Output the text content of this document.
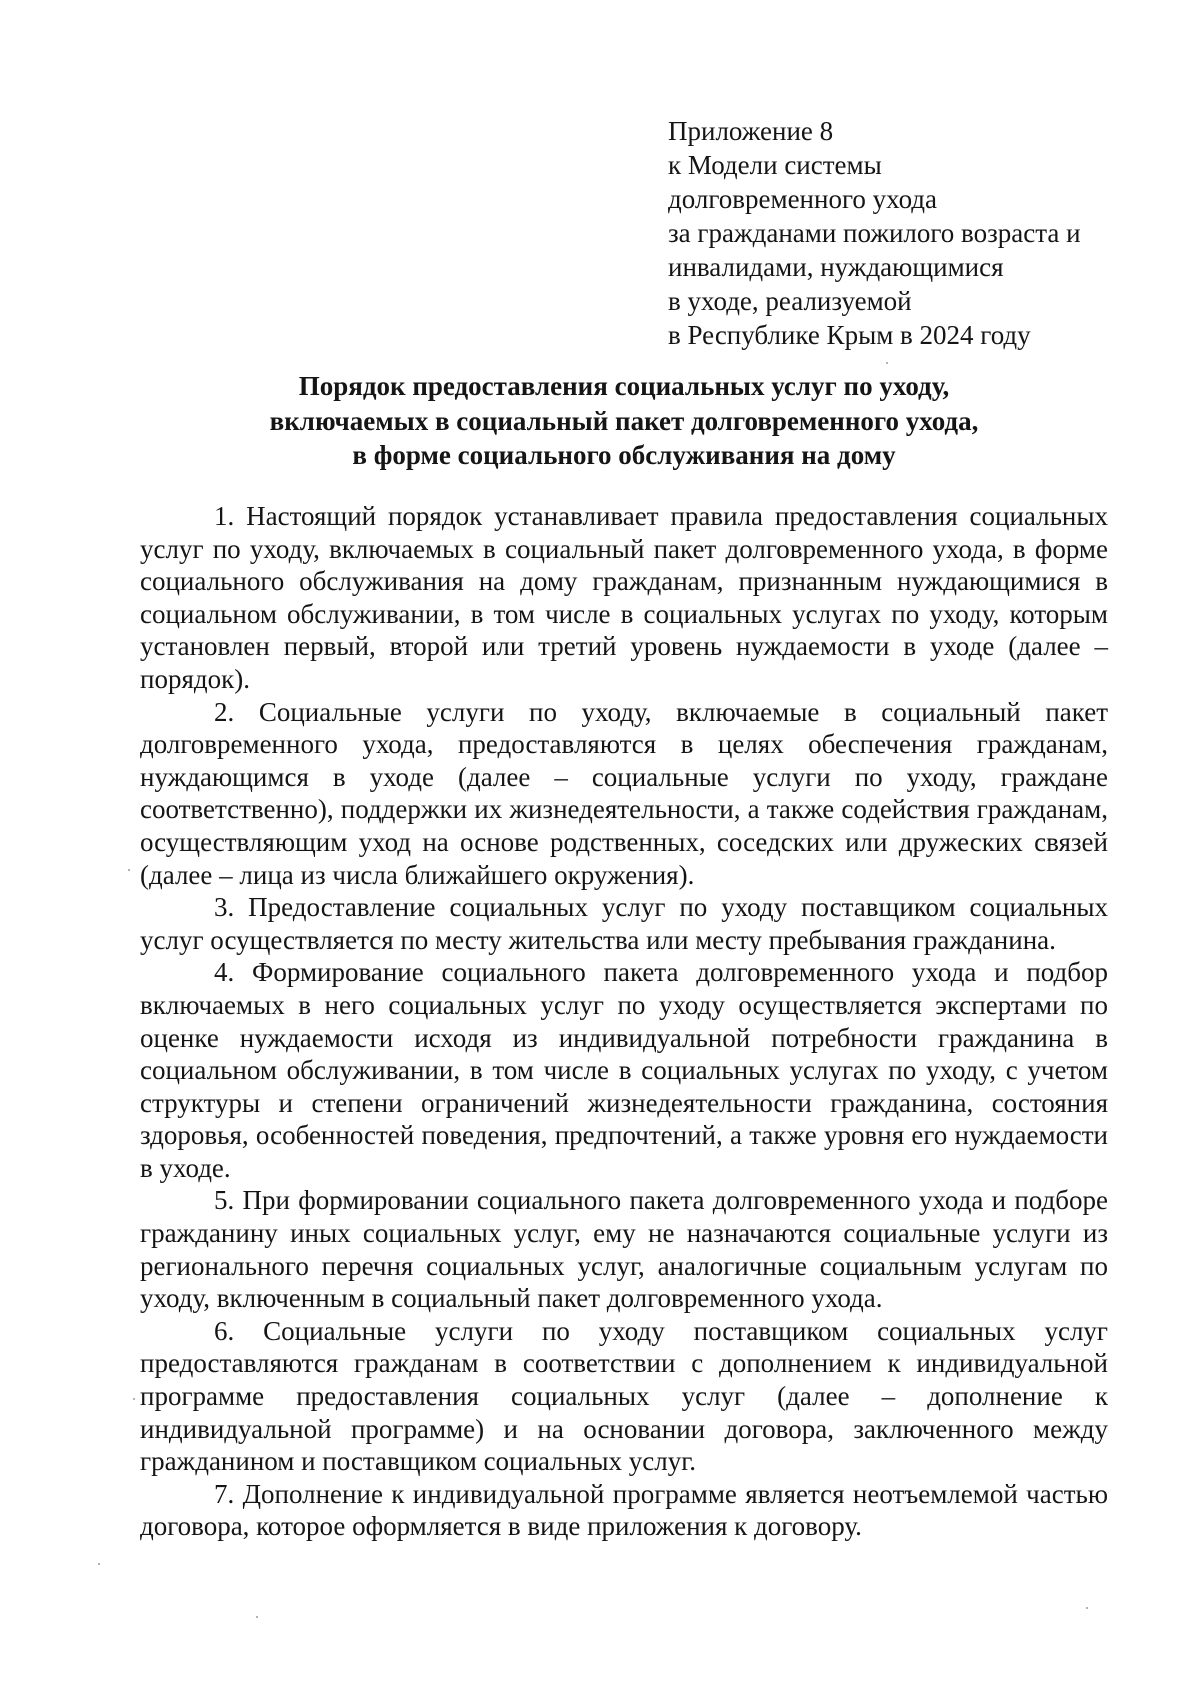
Приложение 8
к Модели системы
долговременного ухода
за гражданами пожилого возраста и
инвалидами, нуждающимися
в уходе, реализуемой
в Республике Крым в 2024 году
Порядок предоставления социальных услуг по уходу,
включаемых в социальный пакет долговременного ухода,
в форме социального обслуживания на дому

1. Настоящий порядок устанавливает правила предоставления социальных услуг по уходу, включаемых в социальный пакет долговременного ухода, в форме социального обслуживания на дому гражданам, признанным нуждающимися в социальном обслуживании, в том числе в социальных услугах по уходу, которым установлен первый, второй или третий уровень нуждаемости в уходе (далее – порядок).

2. Социальные услуги по уходу, включаемые в социальный пакет долговременного ухода, предоставляются в целях обеспечения гражданам, нуждающимся в уходе (далее – социальные услуги по уходу, граждане соответственно), поддержки их жизнедеятельности, а также содействия гражданам, осуществляющим уход на основе родственных, соседских или дружеских связей (далее – лица из числа ближайшего окружения).

3. Предоставление социальных услуг по уходу поставщиком социальных услуг осуществляется по месту жительства или месту пребывания гражданина.

4. Формирование социального пакета долговременного ухода и подбор включаемых в него социальных услуг по уходу осуществляется экспертами по оценке нуждаемости исходя из индивидуальной потребности гражданина в социальном обслуживании, в том числе в социальных услугах по уходу, с учетом структуры и степени ограничений жизнедеятельности гражданина, состояния здоровья, особенностей поведения, предпочтений, а также уровня его нуждаемости в уходе.

5. При формировании социального пакета долговременного ухода и подборе гражданину иных социальных услуг, ему не назначаются социальные услуги из регионального перечня социальных услуг, аналогичные социальным услугам по уходу, включенным в социальный пакет долговременного ухода.

6. Социальные услуги по уходу поставщиком социальных услуг предоставляются гражданам в соответствии с дополнением к индивидуальной программе предоставления социальных услуг (далее – дополнение к индивидуальной программе) и на основании договора, заключенного между гражданином и поставщиком социальных услуг.

7. Дополнение к индивидуальной программе является неотъемлемой частью договора, которое оформляется в виде приложения к договору.
